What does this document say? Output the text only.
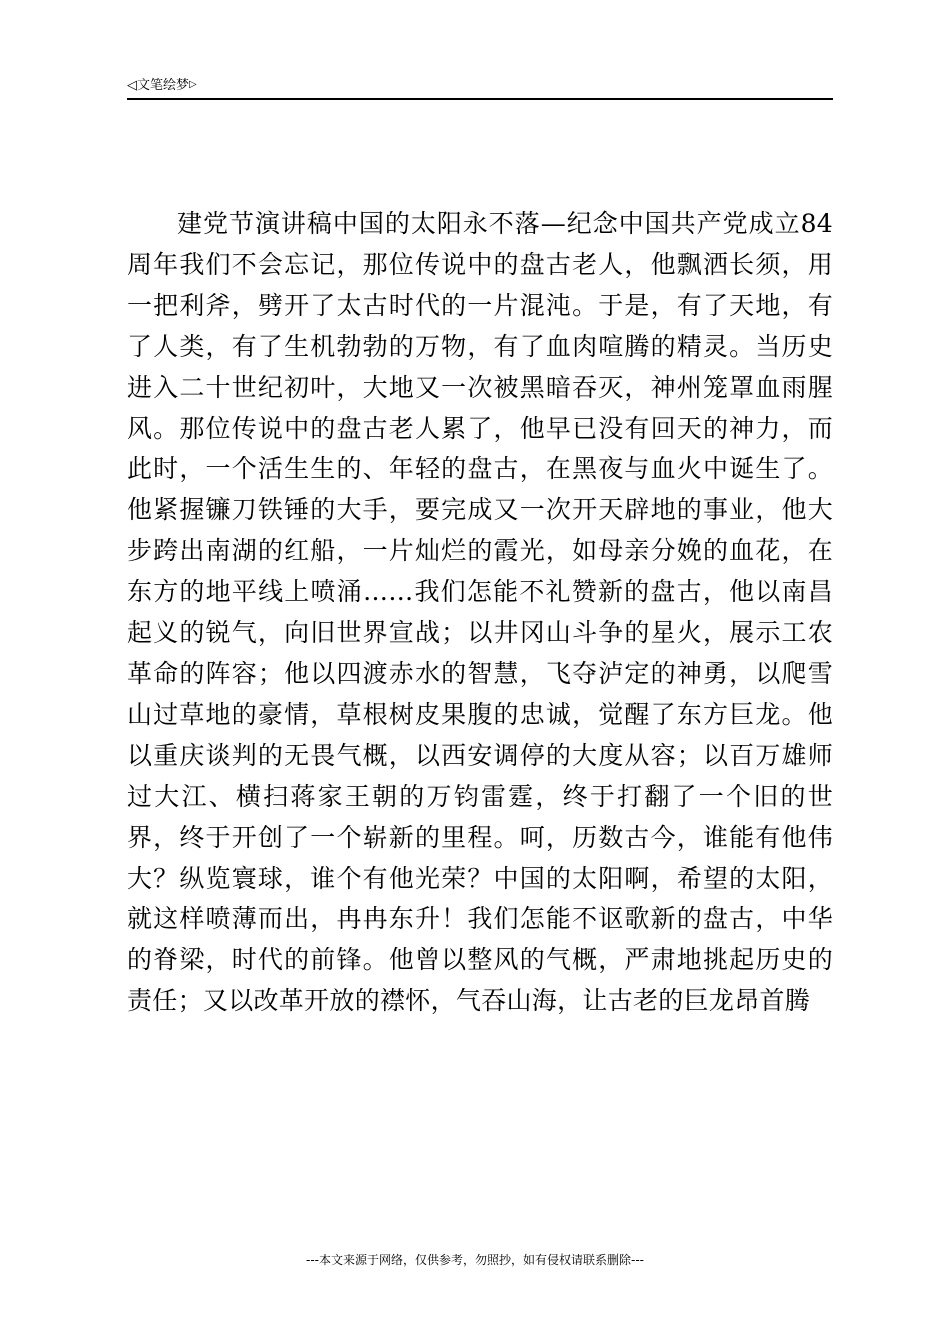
◁文笔绘梦▷

建党节演讲稿中国的太阳永不落—纪念中国共产党成立84周年我们不会忘记，那位传说中的盘古老人，他飘洒长须，用一把利斧，劈开了太古时代的一片混沌。于是，有了天地，有了人类，有了生机勃勃的万物，有了血肉喧腾的精灵。当历史进入二十世纪初叶，大地又一次被黑暗吞灭，神州笼罩血雨腥风。那位传说中的盘古老人累了，他早已没有回天的神力，而此时，一个活生生的、年轻的盘古，在黑夜与血火中诞生了。他紧握镰刀铁锤的大手，要完成又一次开天辟地的事业，他大步跨出南湖的红船，一片灿烂的霞光，如母亲分娩的血花，在东方的地平线上喷涌……我们怎能不礼赞新的盘古，他以南昌起义的锐气，向旧世界宣战；以井冈山斗争的星火，展示工农革命的阵容；他以四渡赤水的智慧，飞夺泸定的神勇，以爬雪山过草地的豪情，草根树皮果腹的忠诚，觉醒了东方巨龙。他以重庆谈判的无畏气概，以西安调停的大度从容；以百万雄师过大江、横扫蒋家王朝的万钧雷霆，终于打翻了一个旧的世界，终于开创了一个崭新的里程。呵，历数古今，谁能有他伟大？纵览寰球，谁个有他光荣？中国的太阳啊，希望的太阳，就这样喷薄而出，冉冉东升！我们怎能不讴歌新的盘古，中华的脊梁，时代的前锋。他曾以整风的气概，严肃地挑起历史的责任；又以改革开放的襟怀，气吞山海，让古老的巨龙昂首腾

---本文来源于网络，仅供参考，勿照抄，如有侵权请联系删除---
